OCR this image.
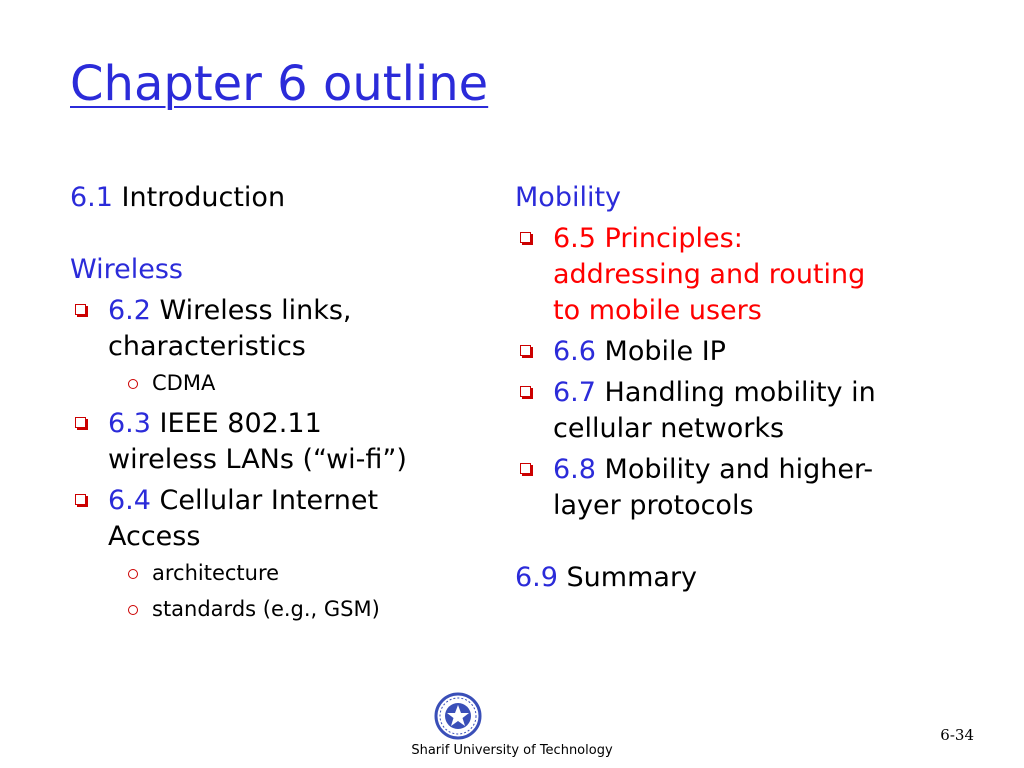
Chapter 6 outline

6.1 Introduction

Wireless

6.2 Wireless links,
characteristics
CDMA
6.3 IEEE 802.11
wireless LANs (“wi-fi”)
6.4 Cellular Internet
Access
architecture
standards (e.g., GSM)

Mobility

6.5 Principles:
addressing and routing
to mobile users
6.6 Mobile IP
6.7 Handling mobility in
cellular networks
6.8 Mobility and higher-
layer protocols

6.9 Summary

Sharif University of Technology
6-34
